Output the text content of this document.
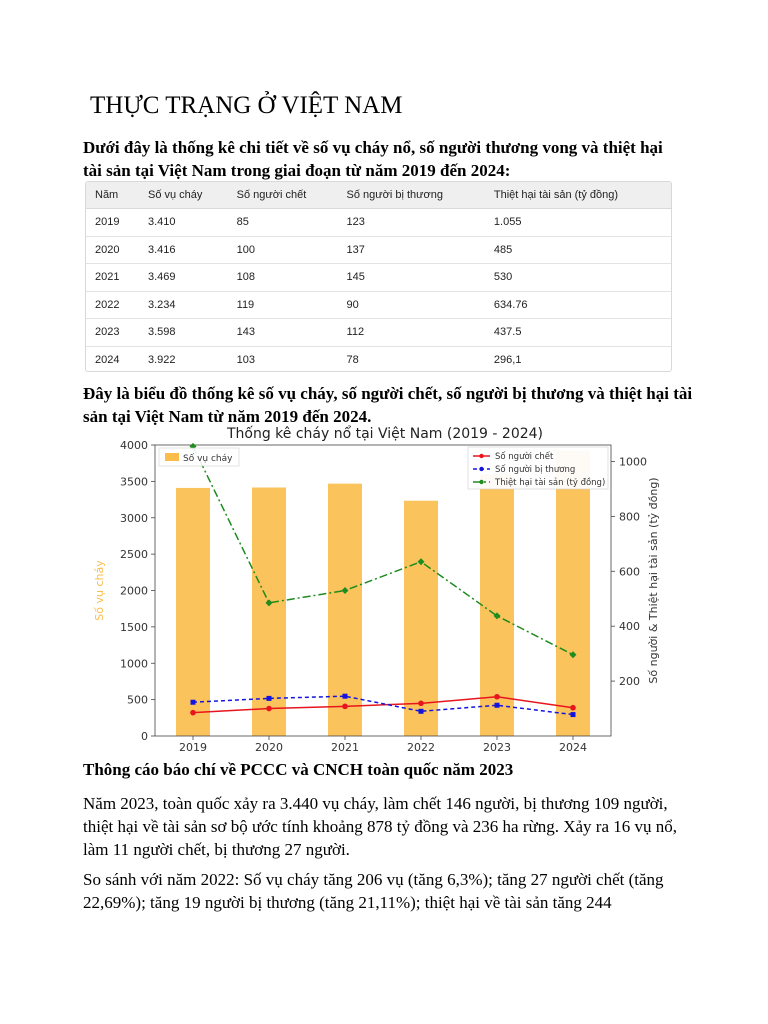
THỰC TRẠNG Ở VIỆT NAM

Dưới đây là thống kê chi tiết về số vụ cháy nổ, số người thương vong và thiệt hại tài sản tại Việt Nam trong giai đoạn từ năm 2019 đến 2024:

Năm	Số vụ cháy	Số người chết	Số người bị thương	Thiệt hại tài sản (tỷ đồng)
2019	3.410	85	123	1.055
2020	3.416	100	137	485
2021	3.469	108	145	530
2022	3.234	119	90	634.76
2023	3.598	143	112	437.5
2024	3.922	103	78	296,1

Đây là biểu đồ thống kê số vụ cháy, số người chết, số người bị thương và thiệt hại tài sản tại Việt Nam từ năm 2019 đến 2024.

Thống kê cháy nổ tại Việt Nam (2019 - 2024)
0
500
1000
1500
2000
2500
3000
3500
4000
200
400
600
800
1000
2019	2020	2021	2022	2023	2024
Số vụ cháy	Số người & Thiệt hại tài sản (tỷ đồng)
Số vụ cháy	Số người chết
Số người bị thương
Thiệt hại tài sản (tỷ đồng)
Thông cáo báo chí về PCCC và CNCH toàn quốc năm 2023

Năm 2023, toàn quốc xảy ra 3.440 vụ cháy, làm chết 146 người, bị thương 109 người, thiệt hại về tài sản sơ bộ ước tính khoảng 878 tỷ đồng và 236 ha rừng. Xảy ra 16 vụ nổ, làm 11 người chết, bị thương 27 người.

So sánh với năm 2022: Số vụ cháy tăng 206 vụ (tăng 6,3%); tăng 27 người chết (tăng 22,69%); tăng 19 người bị thương (tăng 21,11%); thiệt hại về tài sản tăng 244
